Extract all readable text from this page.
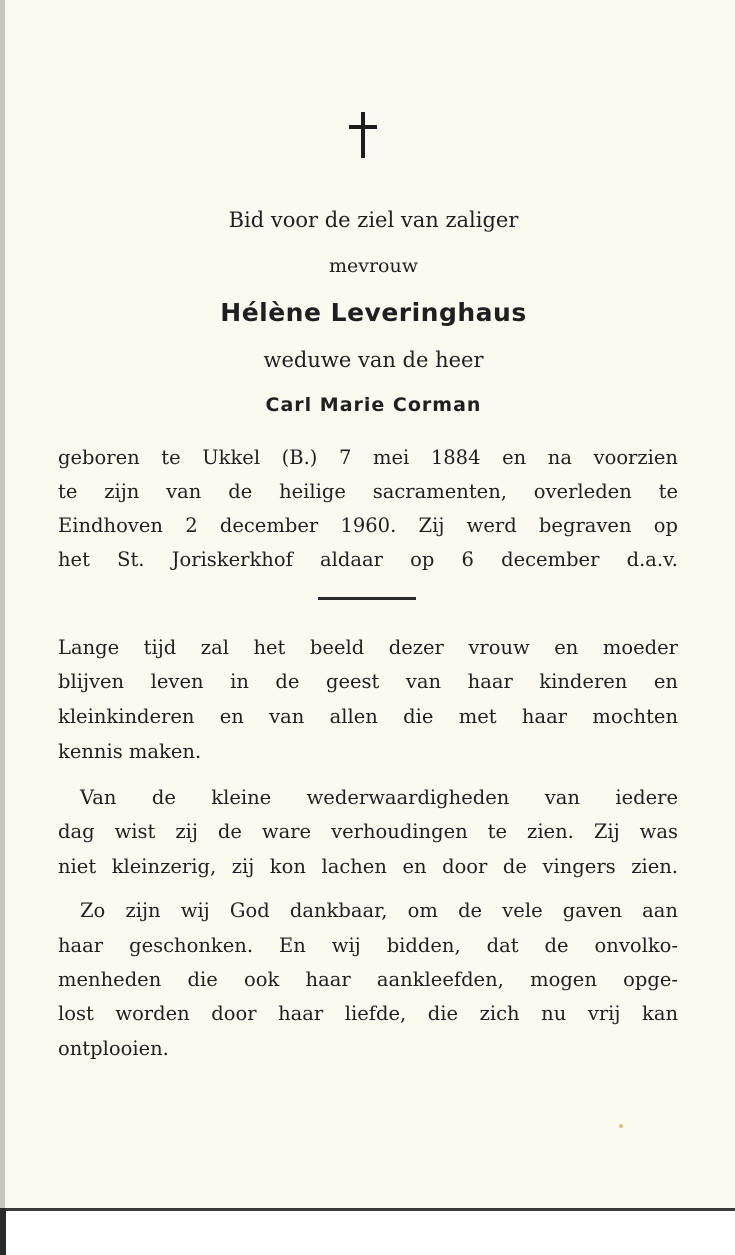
Bid voor de ziel van zaliger

mevrouw

Hélène Leveringhaus

weduwe van de heer

Carl Marie Corman

geboren te Ukkel (B.) 7 mei 1884 en na voorzien

te zijn van de heilige sacramenten, overleden te

Eindhoven 2 december 1960. Zij werd begraven op

het St. Joriskerkhof aldaar op 6 december d.a.v.

Lange tijd zal het beeld dezer vrouw en moeder

blijven leven in de geest van haar kinderen en

kleinkinderen en van allen die met haar mochten

kennis maken.

Van de kleine wederwaardigheden van iedere

dag wist zij de ware verhoudingen te zien. Zij was

niet kleinzerig, zij kon lachen en door de vingers zien.

Zo zijn wij God dankbaar, om de vele gaven aan

haar geschonken. En wij bidden, dat de onvolko-

menheden die ook haar aankleefden, mogen opge-

lost worden door haar liefde, die zich nu vrij kan

ontplooien.
